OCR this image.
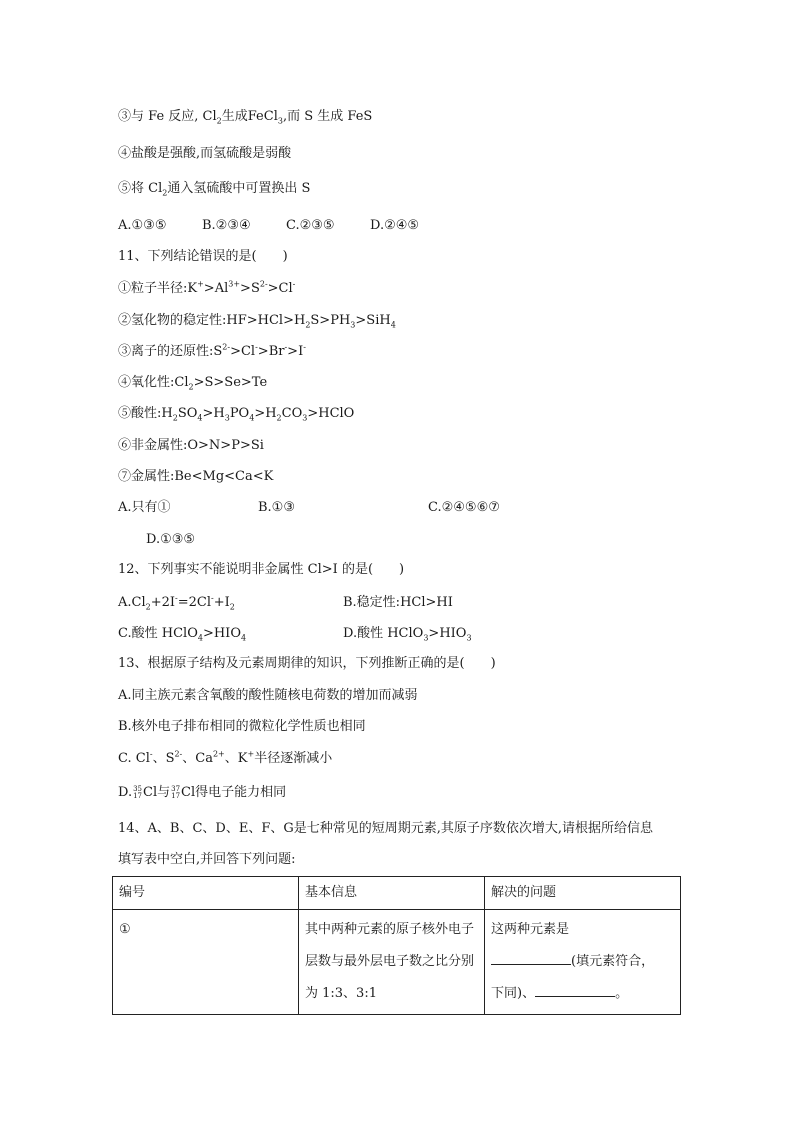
③与 Fe 反应, $Cl_2$生成FeCl$_3$,而 S 生成 FeS
④盐酸是强酸,而氢硫酸是弱酸
⑤将 $Cl_2$通入氢硫酸中可置换出 S
A.①③⑤	B.②③④	C.②③⑤	D.②④⑤
11、下列结论错误的是(　　)
①粒子半径$:K^+>Al^{3+}>S^{2-}>Cl^-$
②氢化物的稳定性$:HF>HCl>H_2S>PH_3>SiH_4$
③离子的还原性$:S^{2-}>Cl^->Br^->I^-$
④氧化性$:Cl_2>S>Se>Te$
⑤酸性$:H_2SO_4>H_3PO_4>H_2CO_3>HClO$
⑥非金属性:O>N>P>Si
⑦金属性:Be<Mg<Ca<K
A.只有①	B.①③	C.②④⑤⑥⑦
D.①③⑤
12、下列事实不能说明非金属性 Cl>I 的是(　　)
$A.Cl_2+2I^-=2Cl^-+I_2$	B.稳定性:HCl>HI
C.酸性 $HClO_4>HIO_4$	D.酸性 $HClO_3>HIO_3$
13、根据原子结构及元素周期律的知识，下列推断正确的是(　　)
A.同主族元素含氧酸的酸性随核电荷数的增加而减弱
B.核外电子排布相同的微粒化学性质也相同
C. Cl-、$S^{2-}$、$Ca^{2+}$、K+半径逐渐减小
D.35
17Cl与37
17Cl得电子能力相同
14、A、B、C、D、E、F、G是七种常见的短周期元素,其原子序数依次增大,请根据所给信息
填写表中空白,并回答下列问题:
编号	基本信息	解决的问题
①	其中两种元素的原子核外电子层数与最外层电子数之比分别为 1:3、3:1	这两种元素是
(填元素符合，
下同)、 。
